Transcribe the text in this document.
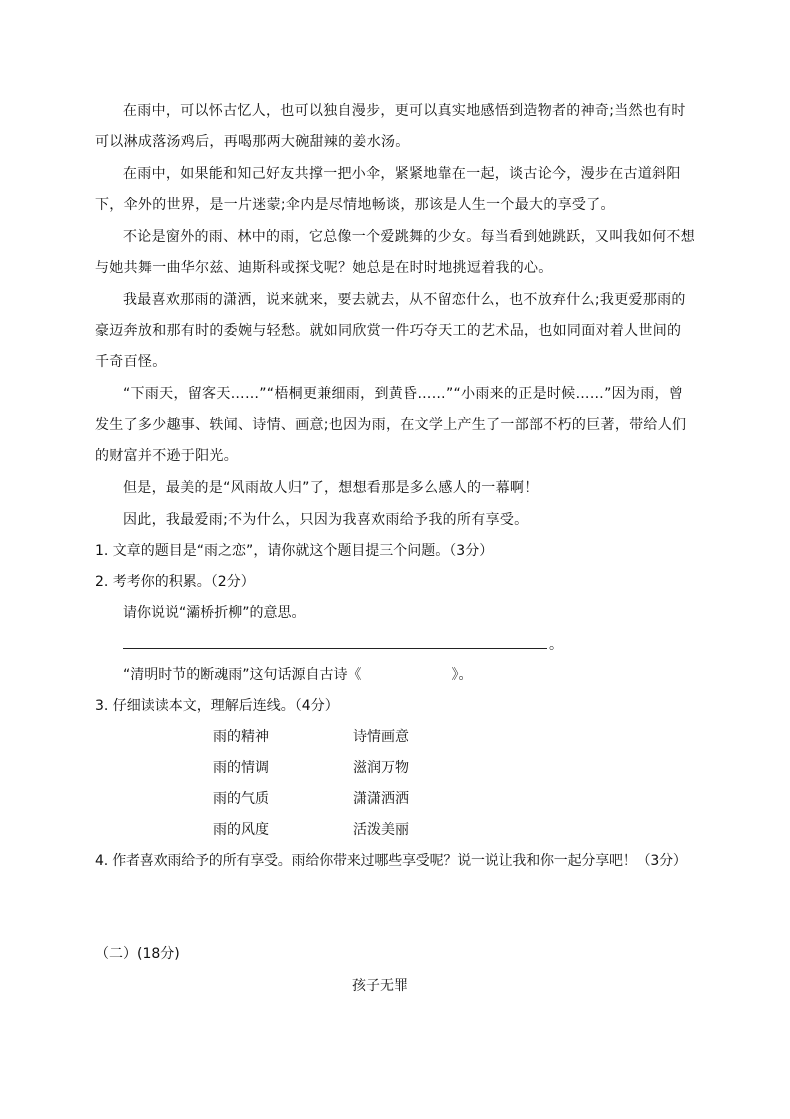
在雨中，可以怀古忆人，也可以独自漫步，更可以真实地感悟到造物者的神奇;当然也有时可以淋成落汤鸡后，再喝那两大碗甜辣的姜水汤。

在雨中，如果能和知己好友共撑一把小伞，紧紧地靠在一起，谈古论今，漫步在古道斜阳下，伞外的世界，是一片迷蒙;伞内是尽情地畅谈，那该是人生一个最大的享受了。

不论是窗外的雨、林中的雨，它总像一个爱跳舞的少女。每当看到她跳跃，又叫我如何不想与她共舞一曲华尔兹、迪斯科或探戈呢？她总是在时时地挑逗着我的心。

我最喜欢那雨的潇洒，说来就来，要去就去，从不留恋什么，也不放弃什么;我更爱那雨的豪迈奔放和那有时的委婉与轻愁。就如同欣赏一件巧夺天工的艺术品，也如同面对着人世间的千奇百怪。

“下雨天，留客天……”“梧桐更兼细雨，到黄昏……”“小雨来的正是时候……”因为雨，曾发生了多少趣事、轶闻、诗情、画意;也因为雨，在文学上产生了一部部不朽的巨著，带给人们的财富并不逊于阳光。

但是，最美的是“风雨故人归”了，想想看那是多么感人的一幕啊！

因此，我最爱雨;不为什么，只因为我喜欢雨给予我的所有享受。

1. 文章的题目是“雨之恋”，请你就这个题目提三个问题。（3分）

2. 考考你的积累。（2分）

请你说说“灞桥折柳”的意思。

。

“清明时节的断魂雨”这句话源自古诗《	》。

3. 仔细读读本文，理解后连线。（4分）

雨的精神	诗情画意

雨的情调	滋润万物

雨的气质	潇潇洒洒

雨的风度	活泼美丽

4. 作者喜欢雨给予的所有享受。雨给你带来过哪些享受呢？说一说让我和你一起分享吧！（3分）

（二）(18分)

孩子无罪
